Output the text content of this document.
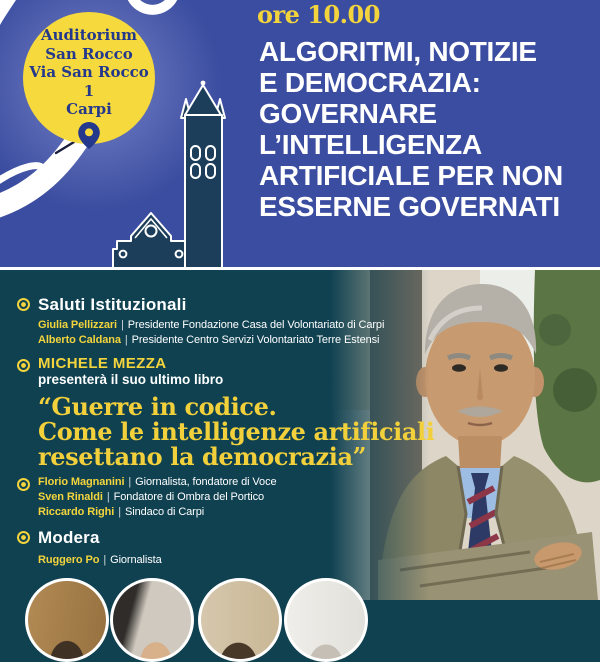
Auditorium
San Rocco
Via San Rocco 1
Carpi
ore 10.00
ALGORITMI, NOTIZIE
E DEMOCRAZIA:
GOVERNARE
L’INTELLIGENZA
ARTIFICIALE PER NON
ESSERNE GOVERNATI
Saluti Istituzionali
Giulia Pellizzari | Presidente Fondazione Casa del Volontariato di Carpi
Alberto Caldana | Presidente Centro Servizi Volontariato Terre Estensi
MICHELE MEZZA
presenterà il suo ultimo libro
“Guerre in codice.
Come le intelligenze artificiali
resettano la democrazia”
Florio Magnanini | Giornalista, fondatore di Voce
Sven Rinaldi | Fondatore di Ombra del Portico
Riccardo Righi | Sindaco di Carpi
Modera
Ruggero Po | Giornalista
